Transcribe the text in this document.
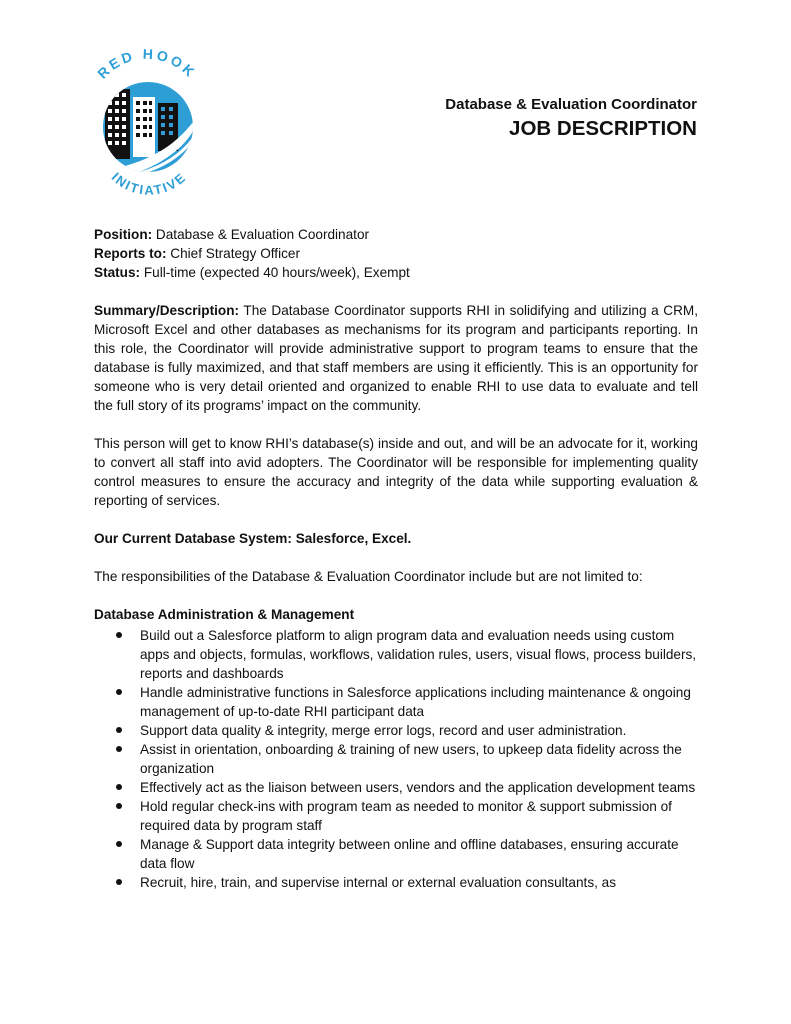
RED HOOK
INITIATIVE

Database & Evaluation Coordinator

JOB DESCRIPTION

Position: Database & Evaluation Coordinator

Reports to: Chief Strategy Officer

Status: Full-time (expected 40 hours/week), Exempt

Summary/Description: The Database Coordinator supports RHI in solidifying and utilizing a CRM, Microsoft Excel and other databases as mechanisms for its program and participants reporting. In this role, the Coordinator will provide administrative support to program teams to ensure that the database is fully maximized, and that staff members are using it efficiently. This is an opportunity for someone who is very detail oriented and organized to enable RHI to use data to evaluate and tell the full story of its programs’ impact on the community.

This person will get to know RHI’s database(s) inside and out, and will be an advocate for it, working to convert all staff into avid adopters. The Coordinator will be responsible for implementing quality control measures to ensure the accuracy and integrity of the data while supporting evaluation & reporting of services.

Our Current Database System: Salesforce, Excel.

The responsibilities of the Database & Evaluation Coordinator include but are not limited to:

Database Administration & Management

Build out a Salesforce platform to align program data and evaluation needs using custom apps and objects, formulas, workflows, validation rules, users, visual flows, process builders, reports and dashboards
Handle administrative functions in Salesforce applications including maintenance & ongoing management of up-to-date RHI participant data
Support data quality & integrity, merge error logs, record and user administration.
Assist in orientation, onboarding & training of new users, to upkeep data fidelity across the organization
Effectively act as the liaison between users, vendors and the application development teams
Hold regular check-ins with program team as needed to monitor & support submission of required data by program staff
Manage & Support data integrity between online and offline databases, ensuring accurate data flow
Recruit, hire, train, and supervise internal or external evaluation consultants, as
